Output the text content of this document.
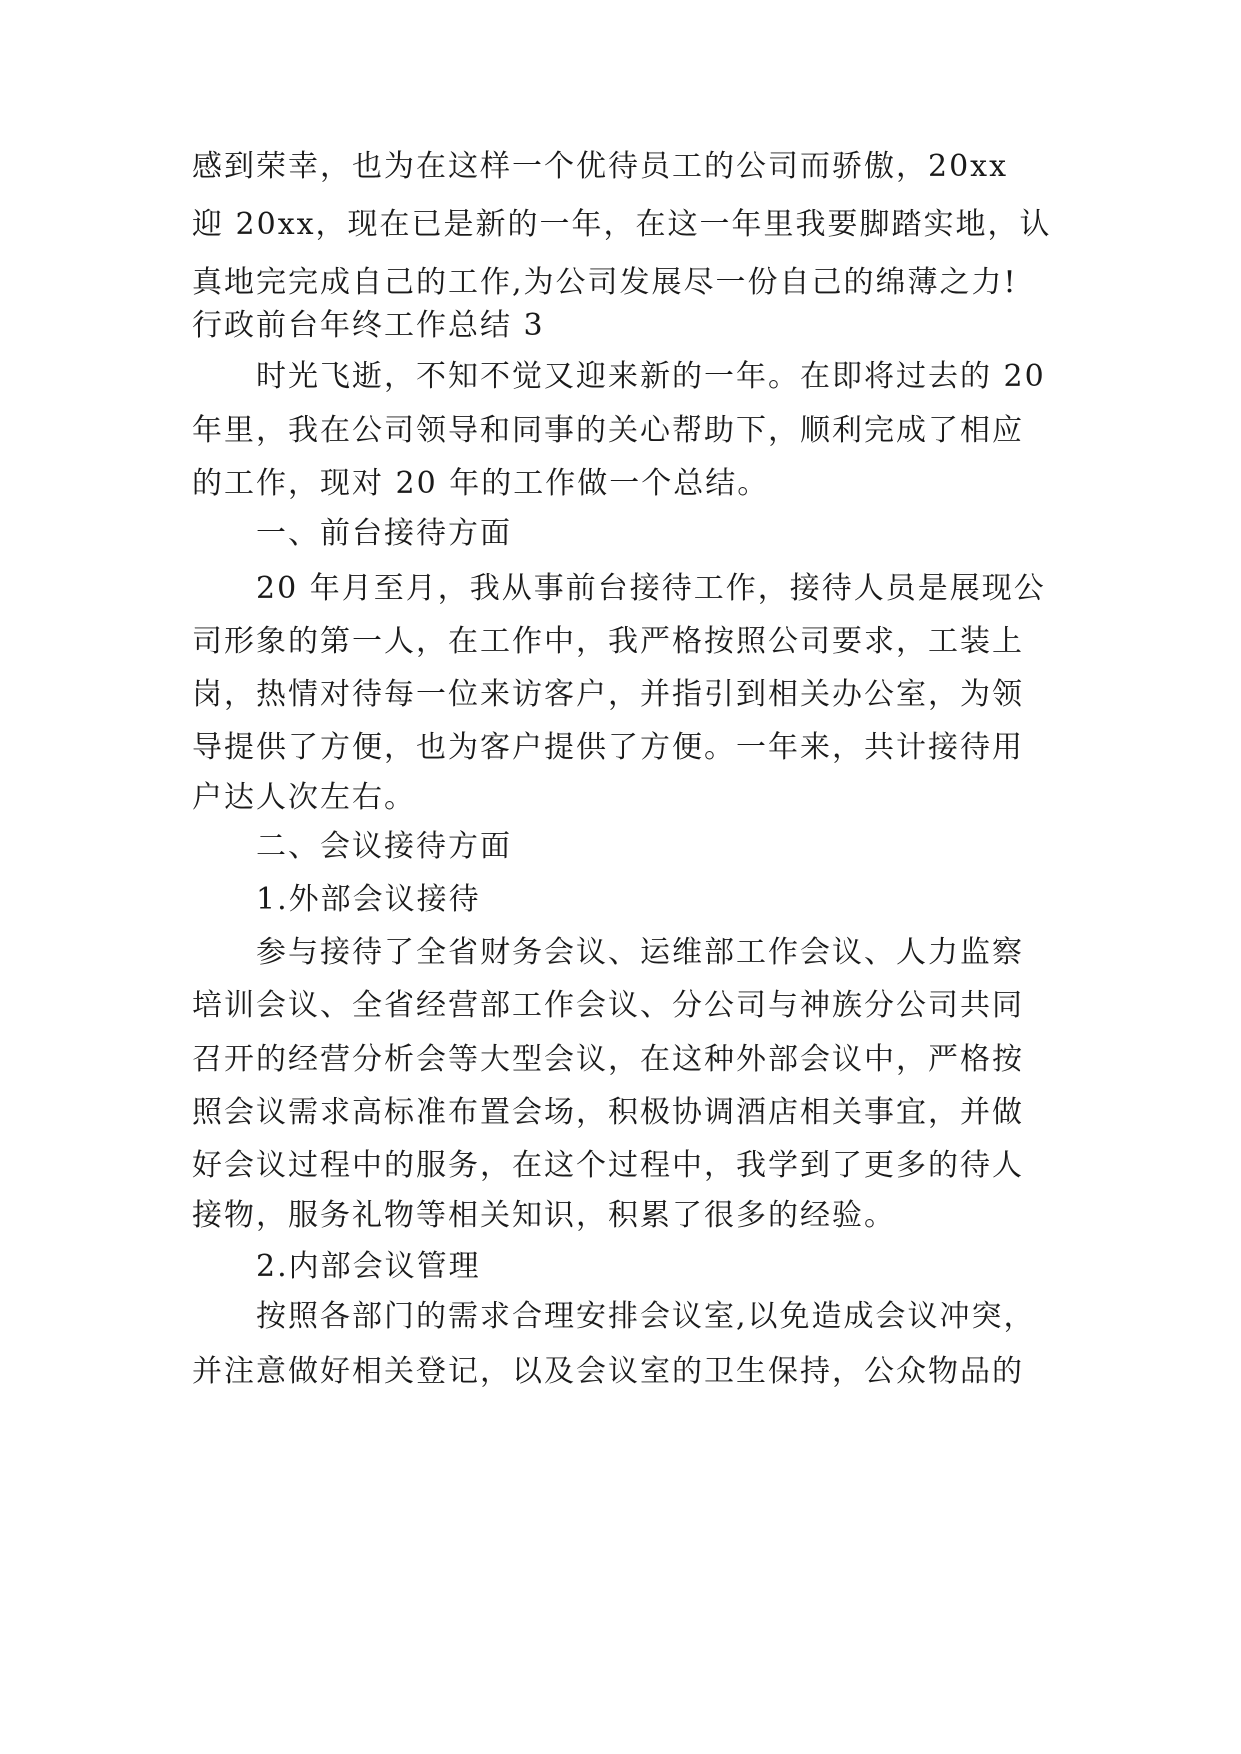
感到荣幸，也为在这样一个优待员工的公司而骄傲，20xx
迎 20xx，现在已是新的一年，在这一年里我要脚踏实地，认
真地完完成自己的工作,为公司发展尽一份自己的绵薄之力!
行政前台年终工作总结 3
时光飞逝，不知不觉又迎来新的一年。在即将过去的 20
年里，我在公司领导和同事的关心帮助下，顺利完成了相应
的工作，现对 20 年的工作做一个总结。
一、前台接待方面
20 年月至月，我从事前台接待工作，接待人员是展现公
司形象的第一人，在工作中，我严格按照公司要求，工装上
岗，热情对待每一位来访客户，并指引到相关办公室，为领
导提供了方便，也为客户提供了方便。一年来，共计接待用
户达人次左右。
二、会议接待方面
1.外部会议接待
参与接待了全省财务会议、运维部工作会议、人力监察
培训会议、全省经营部工作会议、分公司与神族分公司共同
召开的经营分析会等大型会议，在这种外部会议中，严格按
照会议需求高标准布置会场，积极协调酒店相关事宜，并做
好会议过程中的服务，在这个过程中，我学到了更多的待人
接物，服务礼物等相关知识，积累了很多的经验。
2.内部会议管理
按照各部门的需求合理安排会议室,以免造成会议冲突，
并注意做好相关登记，以及会议室的卫生保持，公众物品的
